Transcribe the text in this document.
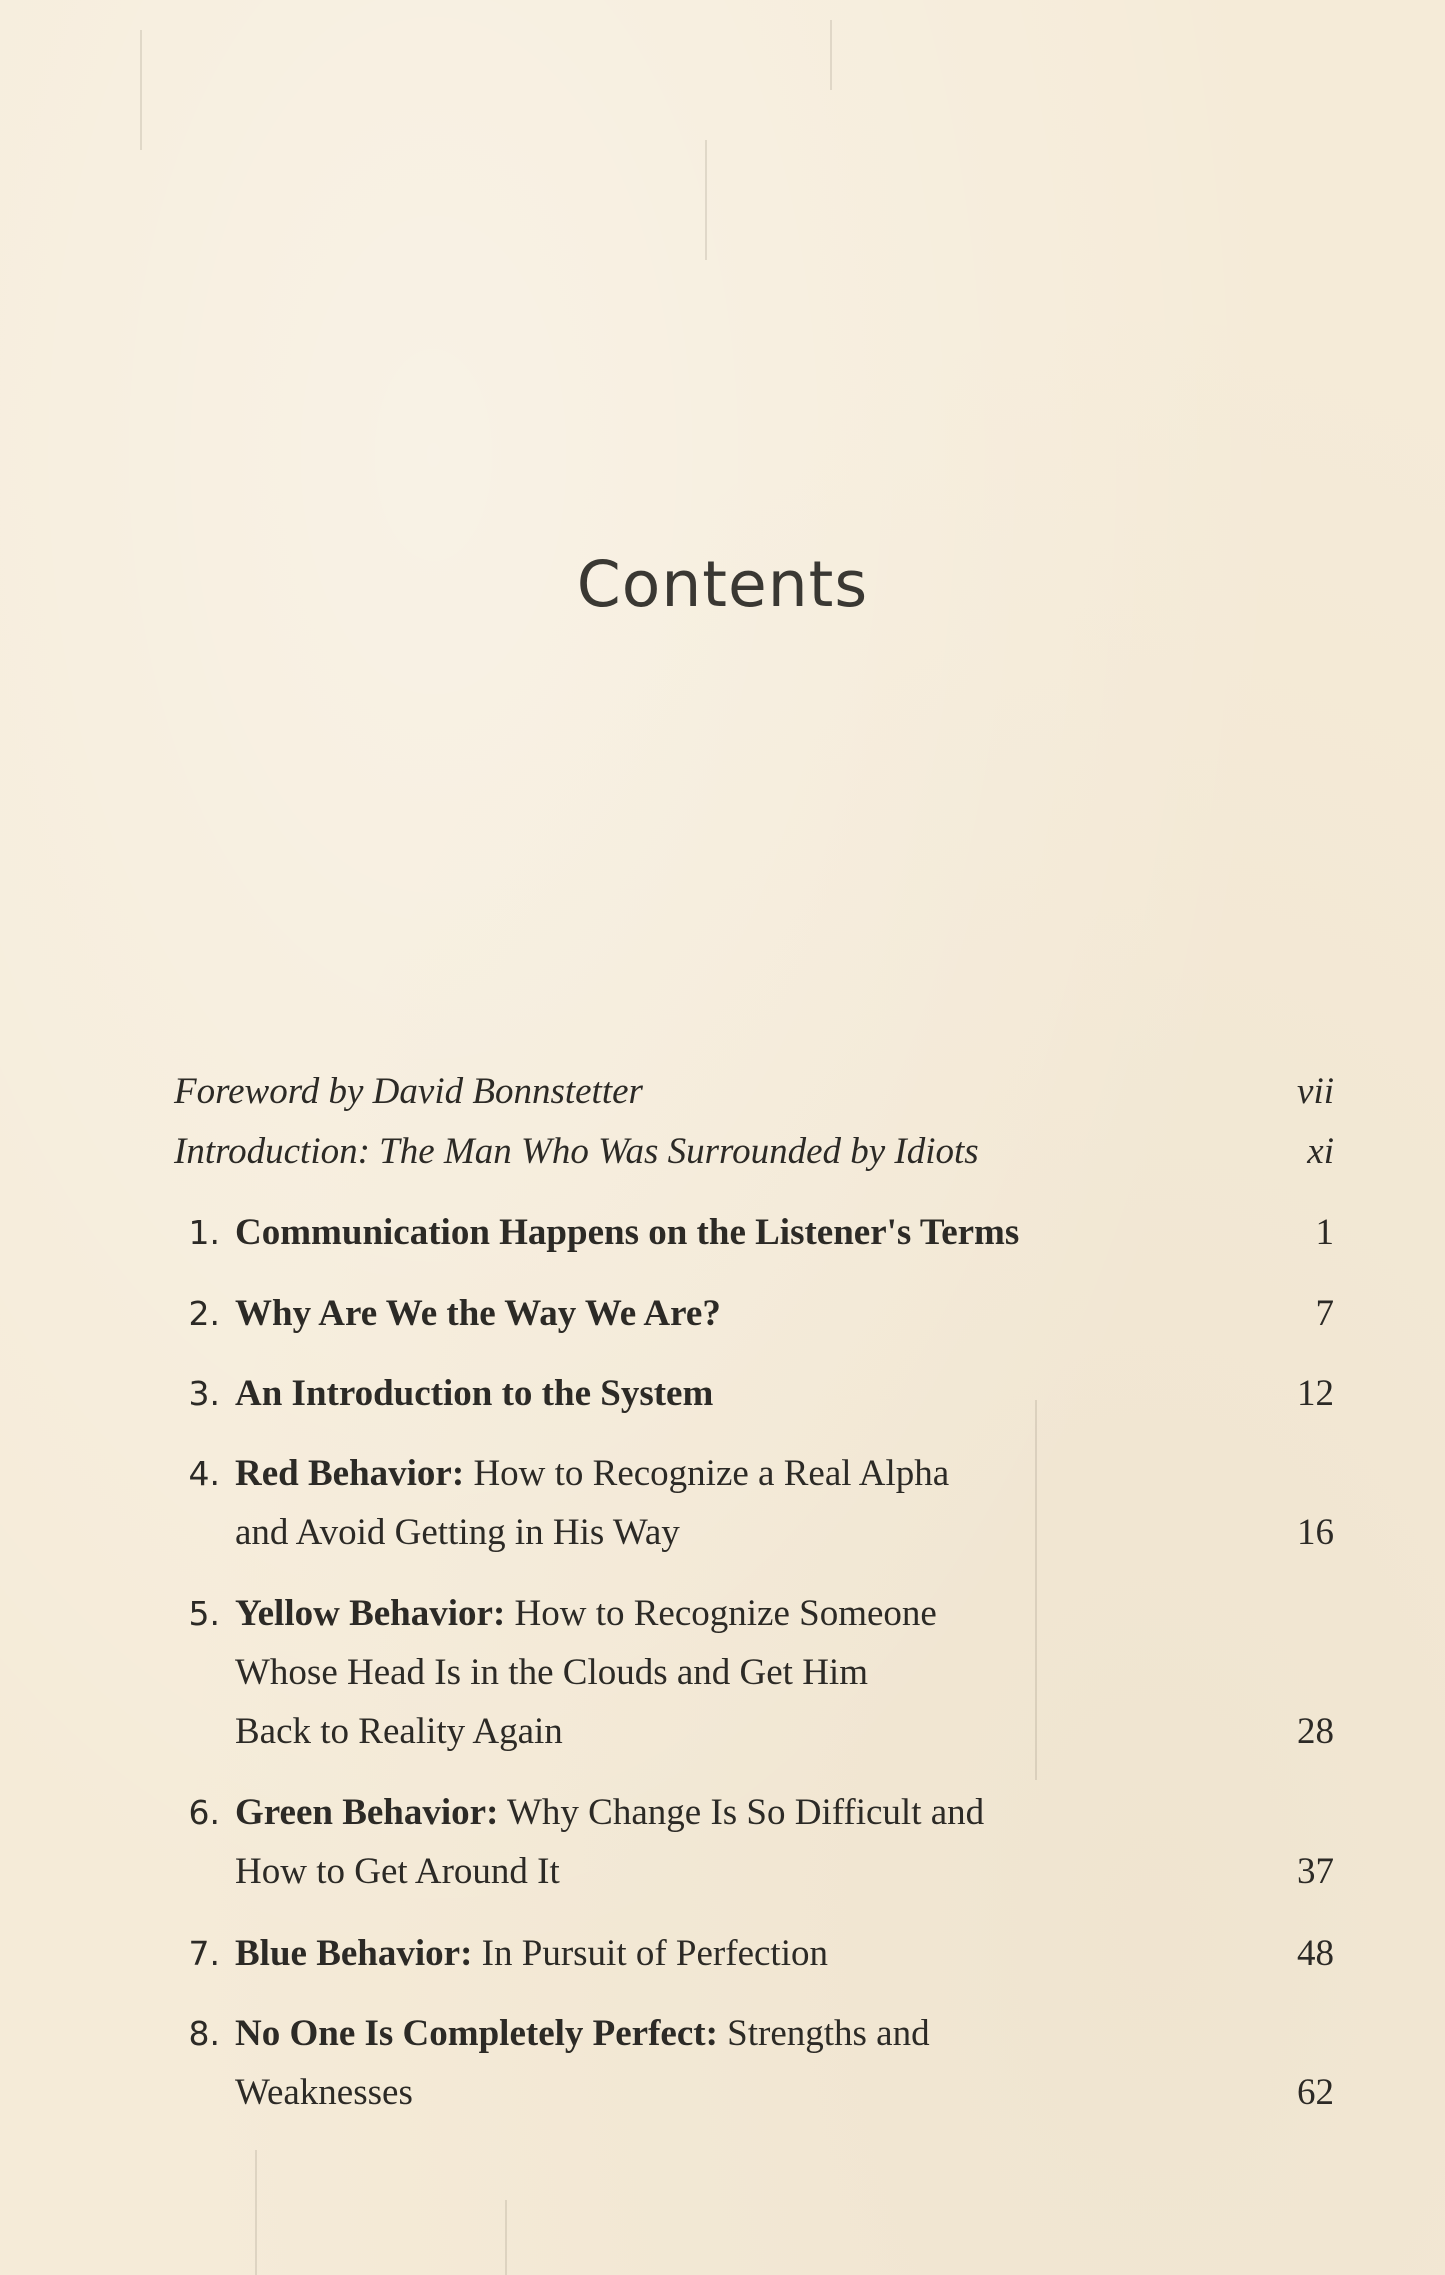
Contents
Foreword by David Bonnstetter	vii
Introduction: The Man Who Was Surrounded by Idiots	xi
1. Communication Happens on the Listener's Terms	1
2. Why Are We the Way We Are?	7
3. An Introduction to the System	12
4. Red Behavior: How to Recognize a Real Alpha
and Avoid Getting in His Way	16
5. Yellow Behavior: How to Recognize Someone
Whose Head Is in the Clouds and Get Him
Back to Reality Again	28
6. Green Behavior: Why Change Is So Difficult and
How to Get Around It	37
7. Blue Behavior: In Pursuit of Perfection	48
8. No One Is Completely Perfect: Strengths and
Weaknesses	62
